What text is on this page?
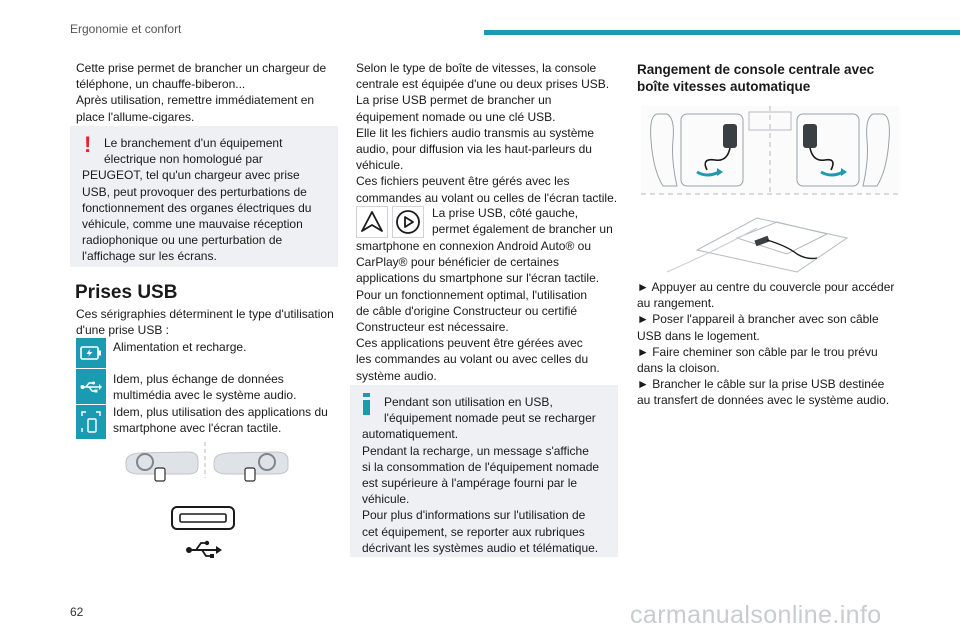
Ergonomie et confort
Cette prise permet de brancher un chargeur de
téléphone, un chauffe-biberon...
Après utilisation, remettre immédiatement en
place l'allume-cigares.
!	Le branchement d'un équipement
électrique non homologué par
PEUGEOT, tel qu'un chargeur avec prise
USB, peut provoquer des perturbations de
fonctionnement des organes électriques du
véhicule, comme une mauvaise réception
radiophonique ou une perturbation de
l'affichage sur les écrans.
Prises USB
Ces sérigraphies déterminent le type d'utilisation
d'une prise USB :
Alimentation et recharge.
Idem, plus échange de données
multimédia avec le système audio.
Idem, plus utilisation des applications du
smartphone avec l'écran tactile.
Selon le type de boîte de vitesses, la console
centrale est équipée d'une ou deux prises USB.
La prise USB permet de brancher un
équipement nomade ou une clé USB.
Elle lit les fichiers audio transmis au système
audio, pour diffusion via les haut-parleurs du
véhicule.
Ces fichiers peuvent être gérés avec les
commandes au volant ou celles de l'écran tactile.
La prise USB, côté gauche,
permet également de brancher un
smartphone en connexion Android Auto® ou
CarPlay® pour bénéficier de certaines
applications du smartphone sur l'écran tactile.
Pour un fonctionnement optimal, l'utilisation
de câble d'origine Constructeur ou certifié
Constructeur est nécessaire.
Ces applications peuvent être gérées avec
les commandes au volant ou avec celles du
système audio.
Pendant son utilisation en USB,
l'équipement nomade peut se recharger
automatiquement.
Pendant la recharge, un message s'affiche
si la consommation de l'équipement nomade
est supérieure à l'ampérage fourni par le
véhicule.
Pour plus d'informations sur l'utilisation de
cet équipement, se reporter aux rubriques
décrivant les systèmes audio et télématique.
Rangement de console centrale avec
boîte vitesses automatique
► Appuyer au centre du couvercle pour accéder
au rangement.
► Poser l'appareil à brancher avec son câble
USB dans le logement.
► Faire cheminer son câble par le trou prévu
dans la cloison.
► Brancher le câble sur la prise USB destinée
au transfert de données avec le système audio.
62	carmanualsonline.info
